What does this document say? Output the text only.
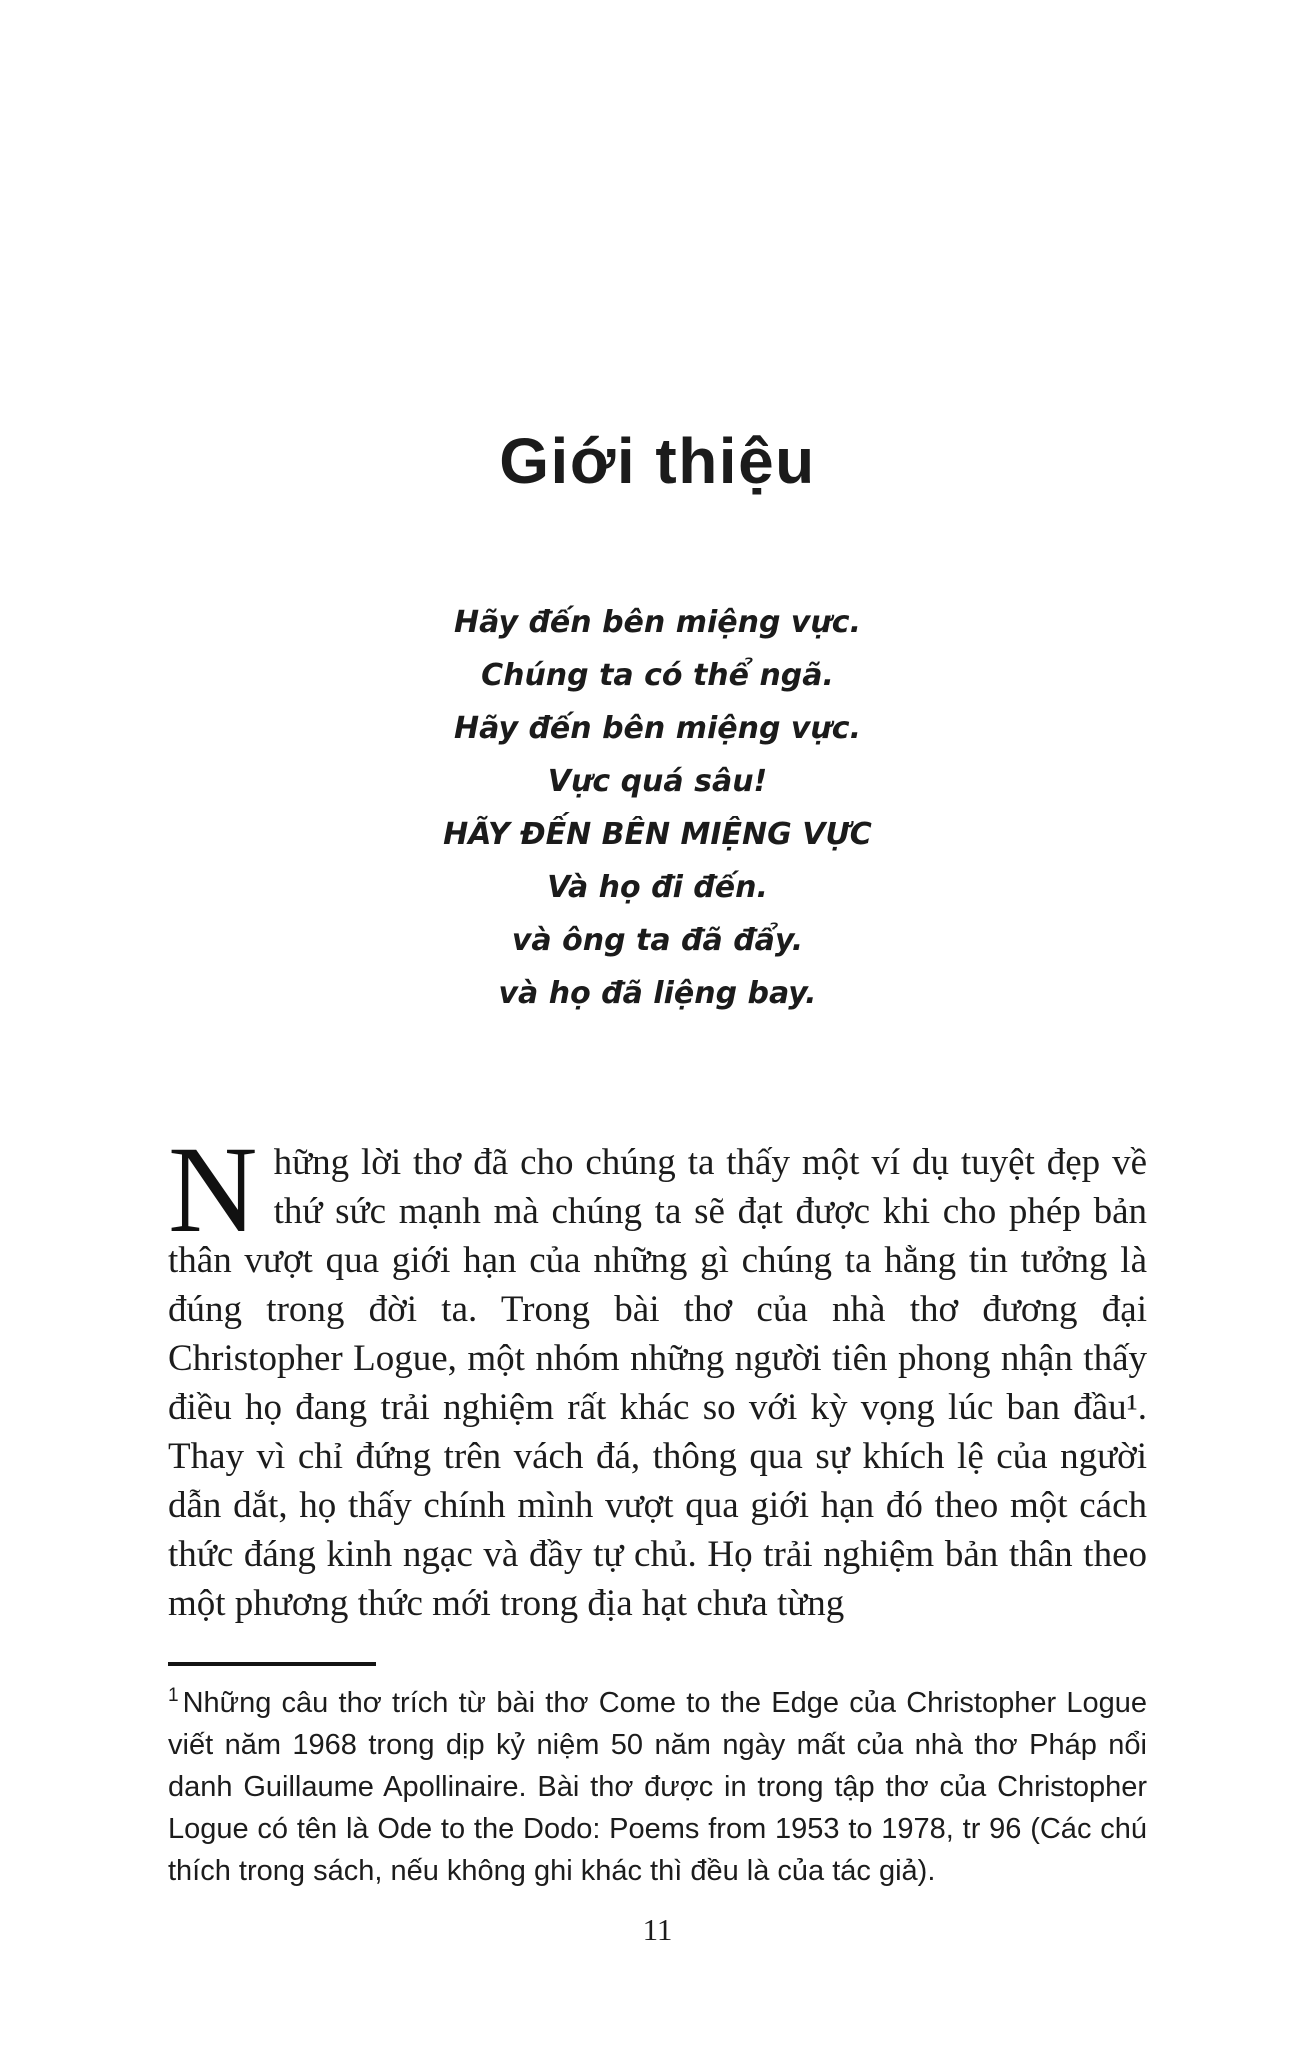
Giới thiệu

Hãy đến bên miệng vực.

Chúng ta có thể ngã.

Hãy đến bên miệng vực.

Vực quá sâu!

HÃY ĐẾN BÊN MIỆNG VỰC

Và họ đi đến.

và ông ta đã đẩy.

và họ đã liệng bay.

Những lời thơ đã cho chúng ta thấy một ví dụ tuyệt đẹp về thứ sức mạnh mà chúng ta sẽ đạt được khi cho phép bản thân vượt qua giới hạn của những gì chúng ta hằng tin tưởng là đúng trong đời ta. Trong bài thơ của nhà thơ đương đại Christopher Logue, một nhóm những người tiên phong nhận thấy điều họ đang trải nghiệm rất khác so với kỳ vọng lúc ban đầu¹. Thay vì chỉ đứng trên vách đá, thông qua sự khích lệ của người dẫn dắt, họ thấy chính mình vượt qua giới hạn đó theo một cách thức đáng kinh ngạc và đầy tự chủ. Họ trải nghiệm bản thân theo một phương thức mới trong địa hạt chưa từng

$^1$ Những câu thơ trích từ bài thơ Come to the Edge của Christopher Logue viết năm 1968 trong dịp kỷ niệm 50 năm ngày mất của nhà thơ Pháp nổi danh Guillaume Apollinaire. Bài thơ được in trong tập thơ của Christopher Logue có tên là Ode to the Dodo: Poems from 1953 to 1978, tr 96 (Các chú thích trong sách, nếu không ghi khác thì đều là của tác giả).

11
